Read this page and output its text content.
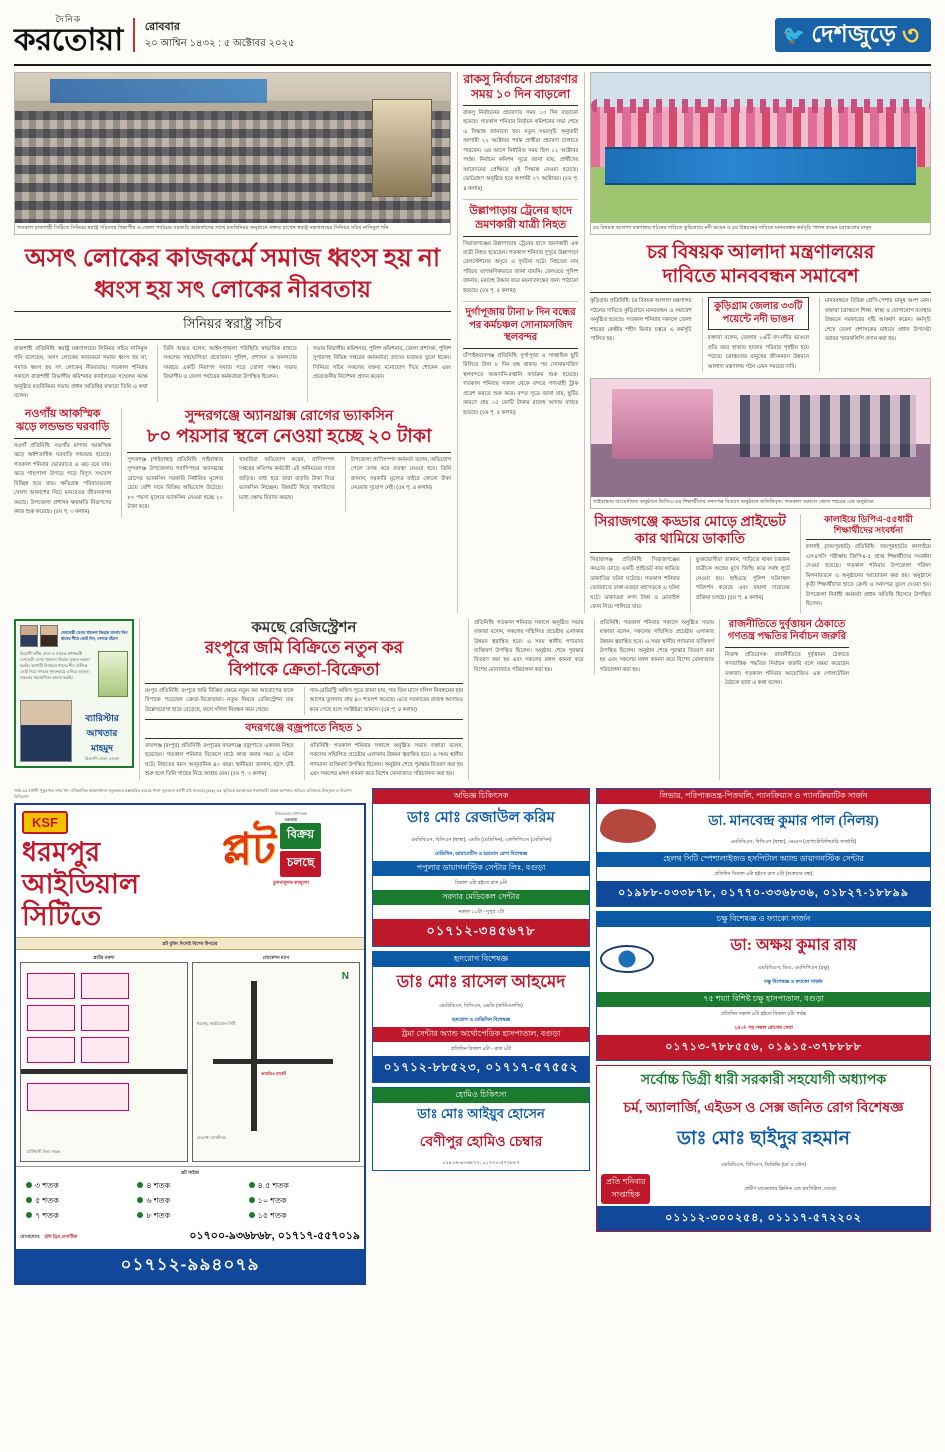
দৈনিক
করতোয়া রোববার
২০ আশ্বিন ১৪৩২ : ৫ অক্টোবর ২০২৫	🐦 দেশজুড়ে ৩
গতকাল রাজশাহী সিটিতে সিনিয়র স্বরাষ্ট্র সচিবসহ বিভাগীয় ও জেলা পর্যায়ের সরকারি কর্মকর্তাদের সাথে মতবিনিময় অনুষ্ঠানে বক্তব্য রাখেন স্বরাষ্ট্র মন্ত্রণালয়ের সিনিয়র সচিব নাসিমুল গনি
অসৎ লোকের কাজকর্মে সমাজ ধ্বংস হয় না
ধ্বংস হয় সৎ লোকের নীরবতায়
সিনিয়র স্বরাষ্ট্র সচিব
রাজশাহী প্রতিনিধি: স্বরাষ্ট্র মন্ত্রণালয়ের সিনিয়র সচিব নাসিমুল গনি বলেছেন, অসৎ লোকের কাজকর্মে সমাজ ধ্বংস হয় না, সমাজ ধ্বংস হয় সৎ লোকের নীরবতায়। গতকাল শনিবার সকালে রাজশাহী বিভাগীয় কমিশনার কার্যালয়ের সম্মেলন কক্ষে অনুষ্ঠিত মতবিনিময় সভায় প্রধান অতিথির বক্তব্যে তিনি এ কথা বলেন।
তিনি আরও বলেন, আইন-শৃঙ্খলা পরিস্থিতি স্বাভাবিক রাখতে সকলের সহযোগিতা প্রয়োজন। পুলিশ, প্রশাসন ও জনগণের সমন্বয়ে একটি নিরাপদ সমাজ গড়ে তোলা সম্ভব। সভায় বিভাগীয় ও জেলা পর্যায়ের কর্মকর্তারা উপস্থিত ছিলেন।
সভায় বিভাগীয় কমিশনার, পুলিশ কমিশনার, জেলা প্রশাসক, পুলিশ সুপারসহ বিভিন্ন দপ্তরের কর্মকর্তারা তাদের মতামত তুলে ধরেন। সিনিয়র সচিব সকলের বক্তব্য মনোযোগ দিয়ে শোনেন এবং প্রয়োজনীয় নির্দেশনা প্রদান করেন।
নওগাঁয় আকস্মিক ঝড়ে লন্ডভন্ড ঘরবাড়ি
নওগাঁ প্রতিনিধি: নওগাঁর মান্দায় আকস্মিক ঝড়ে অর্ধশতাধিক ঘরবাড়ি লন্ডভন্ড হয়েছে। গতকাল শনিবার ভোররাতে এ ঝড় বয়ে যায়। ঝড়ে গাছপালা উপড়ে পড়ে বিদ্যুৎ সংযোগ বিচ্ছিন্ন হয়ে যায়। ক্ষতিগ্রস্ত পরিবারগুলো খোলা আকাশের নিচে মানবেতর জীবনযাপন করছে। উপজেলা প্রশাসন ক্ষয়ক্ষতি নিরূপণের কাজ শুরু করেছে। (৫ম পৃ. ৩ কলাম)
সুন্দরগঞ্জে অ্যানথ্রাক্স রোগের ভ্যাকসিন
৮০ পয়সার স্থলে নেওয়া হচ্ছে ২০ টাকা
সুন্দরগঞ্জ (গাইবান্ধা) প্রতিনিধি: গাইবান্ধার সুন্দরগঞ্জ উপজেলায় গবাদিপশুর অ্যানথ্রাক্স রোগের ভ্যাকসিন সরকারি নির্ধারিত মূল্যের চেয়ে বেশি দামে বিক্রির অভিযোগ উঠেছে। ৮০ পয়সা মূল্যের ভ্যাকসিন নেওয়া হচ্ছে ২০ টাকা করে।
খামারিরা অভিযোগ করেন, প্রাণিসম্পদ দপ্তরের কতিপয় কর্মচারী এই অনিয়মের সাথে জড়িত। বাধ্য হয়ে তারা বাড়তি টাকা দিয়ে ভ্যাকসিন নিচ্ছেন। বিষয়টি নিয়ে খামারিদের মধ্যে ক্ষোভ বিরাজ করছে।
উপজেলা প্রাণিসম্পদ কর্মকর্তা বলেন, অভিযোগ পেলে তদন্ত করে ব্যবস্থা নেওয়া হবে। তিনি জানান, সরকারি মূল্যের বাইরে কোনো টাকা নেওয়ার সুযোগ নেই। (৫ম পৃ. ৪ কলাম)
রাকসু নির্বাচনে প্রচারণার সময় ১০ দিন বাড়লো
রাকসু নির্বাচনের প্রচারণার সময় ১০ দিন বাড়ানো হয়েছে। গতকাল শনিবার নির্বাচন কমিশনের সভা শেষে এ সিদ্ধান্ত জানানো হয়। নতুন সময়সূচি অনুযায়ী আগামী ২২ অক্টোবর পর্যন্ত প্রার্থীরা প্রচারণা চালাতে পারবেন। এর আগে নির্ধারিত সময় ছিল ১২ অক্টোবর পর্যন্ত। নির্বাচন কমিশন সূত্রে জানা যায়, প্রার্থীদের আবেদনের প্রেক্ষিতে এই সিদ্ধান্ত নেওয়া হয়েছে। ভোটগ্রহণ অনুষ্ঠিত হবে আগামী ২৭ অক্টোবর। (৫ম পৃ. ৪ কলাম)
উল্লাপাড়ায় ট্রেনের ছাদে ভ্রমণকারী যাত্রী নিহত
সিরাজগঞ্জের উল্লাপাড়ায় ট্রেনের ছাদে ভ্রমণকারী এক যাত্রী নিহত হয়েছেন। গতকাল শনিবার দুপুরে উল্লাপাড়া রেলস্টেশনের অদূরে এ দুর্ঘটনা ঘটে। নিহতের নাম পরিচয় তাৎক্ষণিকভাবে জানা যায়নি। রেলওয়ে পুলিশ জানায়, মরদেহ উদ্ধার করে ময়নাতদন্তের জন্য পাঠানো হয়েছে। (৫ম পৃ. ৫ কলাম)
দুর্গাপূজায় টানা ৮ দিন বন্ধের পর কর্মচঞ্চল সোনামসজিদ স্থলবন্দর
চাঁপাইনবাবগঞ্জ প্রতিনিধি: দুর্গাপূজা ও সাপ্তাহিক ছুটি মিলিয়ে টানা ৮ দিন বন্ধ থাকার পর সোনামসজিদ স্থলবন্দরে আমদানি-রপ্তানি কার্যক্রম শুরু হয়েছে। গতকাল শনিবার সকাল থেকে বন্দরে পণ্যবাহী ট্রাক প্রবেশ করতে শুরু করে। বন্দর সূত্রে জানা যায়, ছুটির কারণে প্রায় ১৫ কোটি টাকার রাজস্ব আদায় ব্যাহত হয়েছে। (৫ম পৃ. ৫ কলাম)
চর বিষয়ক আলাদা মন্ত্রণালয় গঠনের দাবিতে কুড়িগ্রামে নদী ভাঙন ও চর উন্নয়নের দাবিতে মানববন্ধন কর্মসূচি পালন করেন চরাঞ্চলের মানুষ
চর বিষয়ক আলাদা মন্ত্রণালয়ের
দাবিতে মানববন্ধন সমাবেশ
কুড়িগ্রাম প্রতিনিধি: চর বিষয়ক আলাদা মন্ত্রণালয় গঠনের দাবিতে কুড়িগ্রামে মানববন্ধন ও সমাবেশ অনুষ্ঠিত হয়েছে। গতকাল শনিবার সকালে জেলা শহরের কেন্দ্রীয় শহীদ মিনার চত্বরে এ কর্মসূচি পালিত হয়।
কুড়িগ্রাম জেলার ৩৩টি পয়েন্টে নদী ভাঙন
বক্তারা বলেন, জেলার ১৬টি নদ-নদীর ভাঙনে প্রতি বছর হাজার হাজার পরিবার গৃহহীন হয়ে পড়ছে। চরাঞ্চলের মানুষের জীবনমান উন্নয়নে আলাদা মন্ত্রণালয় গঠন এখন সময়ের দাবি।
মানববন্ধনে বিভিন্ন শ্রেণি-পেশার মানুষ অংশ নেন। বক্তারা চরাঞ্চলে শিক্ষা, স্বাস্থ্য ও যোগাযোগ ব্যবস্থার উন্নয়নে সরকারের দৃষ্টি আকর্ষণ করেন। কর্মসূচি শেষে জেলা প্রশাসকের মাধ্যমে প্রধান উপদেষ্টা বরাবর স্মারকলিপি প্রদান করা হয়।
গাইবান্ধায় আয়োজিত অনুষ্ঠানে ডিপিএ-এর শিক্ষার্থীদের সনদপত্র বিতরণ অনুষ্ঠানে অতিথিবৃন্দ। গতকাল সকালে জেলা শহরের এক অনুষ্ঠানে
সিরাজগঞ্জে কড্ডার মোড়ে প্রাইভেট
কার থামিয়ে ডাকাতি
সিরাজগঞ্জ প্রতিনিধি: সিরাজগঞ্জের কড্ডার মোড়ে একটি প্রাইভেট কার থামিয়ে ডাকাতির ঘটনা ঘটেছে। গতকাল শনিবার ভোররাতে ঢাকা-বগুড়া মহাসড়কে এ ঘটনা ঘটে। ডাকাতরা নগদ টাকা ও মোবাইল ফোন নিয়ে পালিয়ে যায়।
ভুক্তভোগীরা জানান, গাড়িতে থাকা চারজন যাত্রীকে অস্ত্রের মুখে জিম্মি করে সর্বস্ব লুটে নেওয়া হয়। হাইওয়ে পুলিশ ঘটনাস্থল পরিদর্শন করেছে এবং মামলা দায়েরের প্রক্রিয়া চলছে। (৫ম পৃ. ৪ কলাম)
কালাইয়ে ডিপিএ-৫৫ধারী শিক্ষার্থীদের সংবর্ধনা
কালাই (জয়পুরহাট) প্রতিনিধি: জয়পুরহাটের কালাইয়ে এসএসসি পরীক্ষায় জিপিএ-৫ প্রাপ্ত শিক্ষার্থীদের সংবর্ধনা দেওয়া হয়েছে। গতকাল শনিবার উপজেলা পরিষদ মিলনায়তনে এ অনুষ্ঠানের আয়োজন করা হয়। অনুষ্ঠানে কৃতী শিক্ষার্থীদের হাতে ক্রেস্ট ও সনদপত্র তুলে দেওয়া হয়। উপজেলা নির্বাহী কর্মকর্তা প্রধান অতিথি হিসেবে উপস্থিত ছিলেন।
দেশনেত্রী বেগম খালেদা জিয়ার সালাম নিন
ধানের শীষে ভোট দিন, দেশকে বাঁচান
বিরোধী দলীয় নেতা ও সাবেক প্রধানমন্ত্রী দেশনেত্রী বেগম খালেদা জিয়ার সুস্থতা কামনা করছি। আগামী নির্বাচনে ধানের শীষ প্রতীকে ভোট দিয়ে গণতন্ত্র পুনরুদ্ধারে এগিয়ে আসুন। সকলের সহযোগিতা কামনা করছি।
ব্যারিস্টার আখতার মাহমুদ
বিএনপি নেতা, বগুড়া
কমছে রেজিস্ট্রেশন
রংপুরে জমি বিক্রিতে নতুন কর
বিপাকে ক্রেতা-বিক্রেতা
রংপুর প্রতিনিধি: রংপুরে জমি বিক্রির ক্ষেত্রে নতুন কর আরোপের ফলে বিপাকে পড়েছেন ক্রেতা-বিক্রেতারা। নতুন নিয়মে রেজিস্ট্রেশন ব্যয় উল্লেখযোগ্য হারে বেড়েছে, ফলে দলিল নিবন্ধন কমে গেছে।
সাব-রেজিস্ট্রি অফিস সূত্রে জানা যায়, গত তিন মাসে দলিল নিবন্ধনের হার আগের তুলনায় প্রায় ৪০ শতাংশ কমেছে। এতে সরকারের রাজস্ব আদায়ও কমে গেছে বলে সংশ্লিষ্টরা জানান। (৫ম পৃ. ৪ কলাম)
বদরগঞ্জে বজ্রপাতে নিহত ১
বদরগঞ্জ (রংপুর) প্রতিনিধি: রংপুরের বদরগঞ্জে বজ্রপাতে একজন নিহত হয়েছেন। গতকাল শনিবার বিকেলে মাঠে কাজ করার সময় এ ঘটনা ঘটে। নিহতের বয়স আনুমানিক ৪০ বছর। স্থানীয়রা জানান, হঠাৎ বৃষ্টি শুরু হলে তিনি গাছের নিচে আশ্রয় নেন। (৫ম পৃ. ৩ কলাম)
প্রতিনিধি: গতকাল শনিবার সকালে অনুষ্ঠিত সভায় বক্তারা বলেন, সকলের সম্মিলিত প্রচেষ্টায় এলাকার উন্নয়ন ত্বরান্বিত হবে। এ সময় স্থানীয় গণ্যমান্য ব্যক্তিবর্গ উপস্থিত ছিলেন। অনুষ্ঠান শেষে পুরস্কার বিতরণ করা হয় এবং সকলের মঙ্গল কামনা করে বিশেষ মোনাজাত পরিচালনা করা হয়।
প্রতিনিধি: গতকাল শনিবার সকালে অনুষ্ঠিত সভায় বক্তারা বলেন, সকলের সম্মিলিত প্রচেষ্টায় এলাকার উন্নয়ন ত্বরান্বিত হবে। এ সময় স্থানীয় গণ্যমান্য ব্যক্তিবর্গ উপস্থিত ছিলেন। অনুষ্ঠান শেষে পুরস্কার বিতরণ করা হয় এবং সকলের মঙ্গল কামনা করে বিশেষ মোনাজাত পরিচালনা করা হয়।
প্রতিনিধি: গতকাল শনিবার সকালে অনুষ্ঠিত সভায় বক্তারা বলেন, সকলের সম্মিলিত প্রচেষ্টায় এলাকার উন্নয়ন ত্বরান্বিত হবে। এ সময় স্থানীয় গণ্যমান্য ব্যক্তিবর্গ উপস্থিত ছিলেন। অনুষ্ঠান শেষে পুরস্কার বিতরণ করা হয় এবং সকলের মঙ্গল কামনা করে বিশেষ মোনাজাত পরিচালনা করা হয়।
রাজনীতিতে দুর্বৃত্তায়ন ঠেকাতে গণতন্ত্র পদ্ধতির নির্বাচন জরুরি
নিজস্ব প্রতিবেদক: রাজনীতিতে দুর্বৃত্তায়ন ঠেকাতে গণতান্ত্রিক পদ্ধতির নির্বাচন জরুরি বলে মন্তব্য করেছেন বক্তারা। গতকাল শনিবার আয়োজিত এক গোলটেবিল বৈঠকে তারা এ কথা বলেন।
সার্ক-এর রাধাশী পুকুরপাড় নগর খাদ ঐতিহাসিক জায়গাখানা নতুনভাবে হস্তান্তরিত হয়েছে পাশে সুলতানা বলখী মাঠ নাওয়ার (রহঃ) এর স্মৃতিময় মহাস্থানকে ধারণকারী প্রকল্প আপনার জমিতে ভবিষ্যতে উজ্জ্বল ও নিরাপদ বিনিয়োগ
KSF
ধরমপুর
আইডিয়াল
সিটিতে
উত্তরবঙ্গের প্রাণকেন্দ্র
বগুড়ায়
প্লট বিক্রয় চলছে
তুলনামূলক কমমূল্যে
প্লট বুকিং দিলেই বিশেষ উপহার
প্লটের নকশা
মাটিখালী বিদ্যা সড়ক
লোকেশন ম্যাপ
N
ধরমপুর আইডিয়াল সিটি
আরডিএ মার্কেট
চারমাথা বাসস্ট্যান্ড
প্লট সাইজ
৩ শতক	৪ শতক	৪.৫ শতক
৫ শতক	৬ শতক	১০ শতক
৭ শতক	৮ শতক	১৫ শতক
যোগাযোগ: হলি ড্রিম প্রপার্টিজ	০১৭০০-৯৩৬৮৬৮, ০১৭১৭-৫৫৭০১৯
০১৭১২-৯৯৪০৭৯
অভিজ্ঞ চিকিৎসক
ডাঃ মোঃ রেজাউল করিম
এমবিবিএস, বিসিএস (স্বাস্থ্য), এমডি (মেডিসিন), এফসিপিএস (মেডিসিন)
মেডিসিন, ডায়াবেটিস ও হরমোন রোগ বিশেষজ্ঞ
পপুলার ডায়াগনস্টিক সেন্টার লিঃ, বগুড়া
বিকাল ৪টা হইতে রাত ৯টা
সরদার মেডিকেল সেন্টার
সকাল ১০টা - দুপুর ২টা
০১৭১২-৩৪৫৬৭৮
হৃদরোগ বিশেষজ্ঞ
ডাঃ মোঃ রাসেল আহমেদ
এমবিবিএস, বিসিএস, এমডি (কার্ডিওলজি)
হৃদরোগ ও মেডিসিন বিশেষজ্ঞ
ট্রমা সেন্টার অ্যান্ড অর্থোপেডিক হাসপাতাল, বগুড়া
প্রতিদিন বিকাল ৪টা - রাত ৯টা
০১৭১২-৮৮৫২৩, ০১৭১৭-৫৭৫৫২
হোমিও চিকিৎসা
ডাঃ মোঃ আইয়ুব হোসেন
বেণীপুর হোমিও চেম্বার
০১৮১৬-৯৩৬৮৭৭, ০১৭৩০-৫৭৩৮৮৭
লিভার, পরিপাকতন্ত্র-পিত্তথলি, প্যানক্রিয়াস ও প্যানক্রিয়াটিক সার্জন
ডা. মানবেন্দ্র কুমার পাল (নিলয়)
এমবিবিএস, বিসিএস (স্বাস্থ্য), এমএস (হেপাটোবিলিয়ারি সার্জারি)
হেলথ সিটি স্পেশালাইজড হসপিটাল অ্যান্ড ডায়াগনস্টিক সেন্টার
প্রতিদিন বিকাল ৪টা হইতে রাত ৮টা (শুক্রবার বন্ধ)
০১৯৮৮-০৩৩৮৭৮, ০১৭৭০-৩৩৬৮৩৬, ০১৮২৭-১৮৮৯৯
চক্ষু বিশেষজ্ঞ ও ফ্যাকো সার্জন
ডা: অক্ষয় কুমার রায়
এমবিবিএস, ডিও, এমসিপিএস (চক্ষু)
চক্ষু বিশেষজ্ঞ ও ফ্যাকো সার্জন
৭৫ শয্যা বিশিষ্ট চক্ষু হাসপাতাল, বগুড়া
প্রতিদিন সকাল ৯টা হইতে বিকাল ৫টা পর্যন্ত
২৫০/- সহ সকল রোগের সেবা
০১৭১৩-৭৮৮৫৫৬, ০১৯১৫-৩৭৮৮৮৮
সর্বোচ্চ ডিগ্রী ধারী সরকারী সহযোগী অধ্যাপক
চর্ম, অ্যালার্জি, এইডস ও সেক্স জনিত রোগ বিশেষজ্ঞ
ডাঃ মোঃ ছাইদুর রহমান
এমবিবিএস, বিসিএস, ডিডিভি (চর্ম ও যৌন)
প্রতি শনিবার
সাপ্তাহিক
গ্রামীণ ম্যানেজার ক্লিনিক এন্ড হসপিটাল, বগুড়া
০১১১২-৩০০২৫৪, ০১১১৭-৫৭২২০২
